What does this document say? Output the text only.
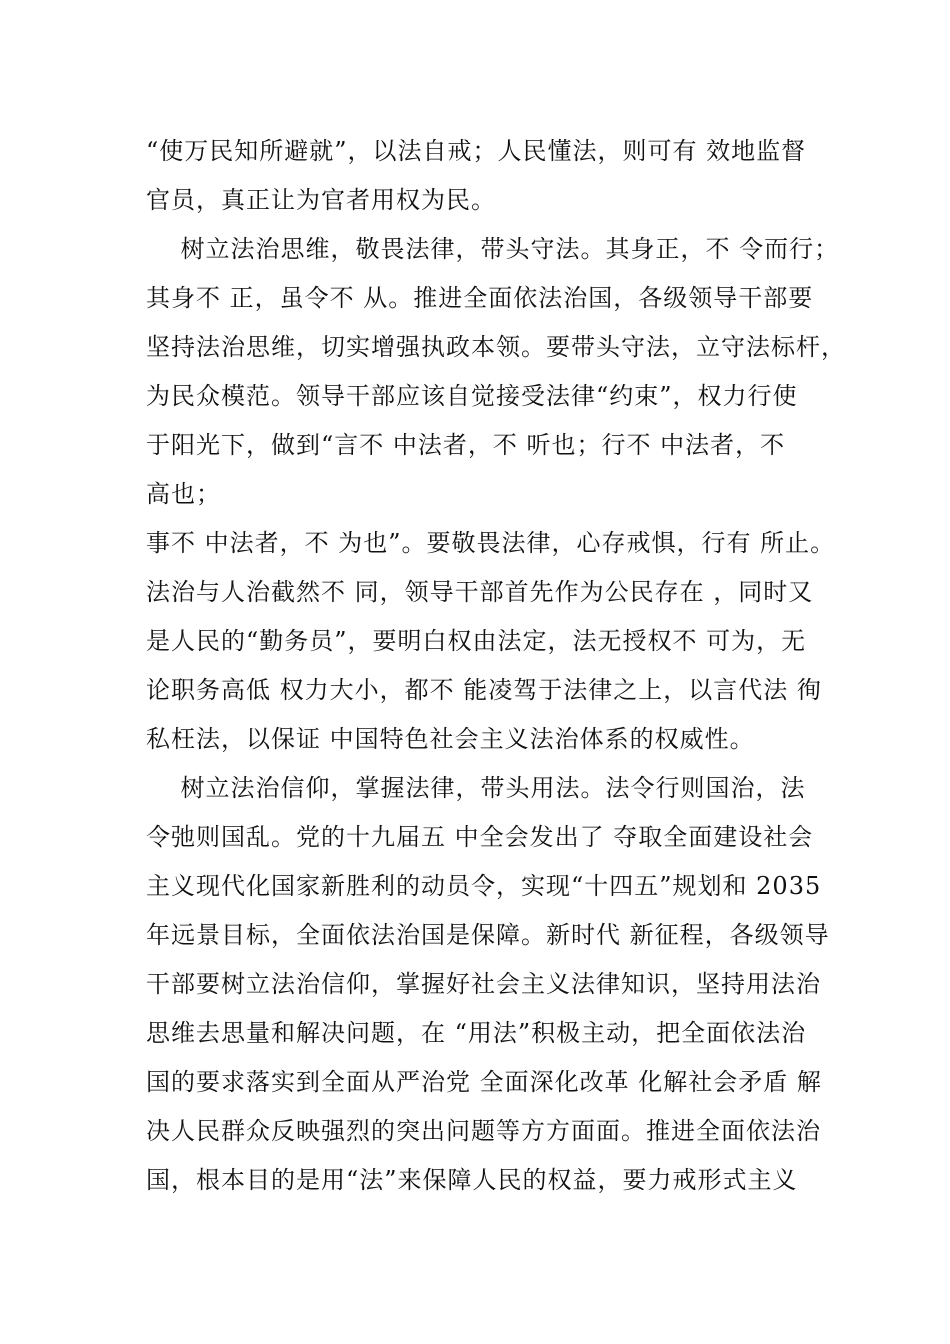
“使万民知所避就”，以法自戒；人民懂法，则可有 效地监督
官员，真正让为官者用权为民。
树立法治思维，敬畏法律，带头守法。其身正，不 令而行；
其身不 正，虽令不 从。推进全面依法治国，各级领导干部要
坚持法治思维，切实增强执政本领。要带头守法，立守法标杆，
为民众模范。领导干部应该自觉接受法律“约束”，权力行使
于阳光下，做到“言不 中法者，不 听也；行不 中法者，不
高也；
事不 中法者，不 为也”。要敬畏法律，心存戒惧，行有 所止。
法治与人治截然不 同，领导干部首先作为公民存在 ，同时又
是人民的“勤务员”，要明白权由法定，法无授权不 可为，无
论职务高低 权力大小，都不 能凌驾于法律之上，以言代法 徇
私枉法，以保证 中国特色社会主义法治体系的权威性。
树立法治信仰，掌握法律，带头用法。法令行则国治，法
令弛则国乱。党的十九届五 中全会发出了 夺取全面建设社会
主义现代化国家新胜利的动员令，实现“十四五”规划和 2035
年远景目标，全面依法治国是保障。新时代 新征程，各级领导
干部要树立法治信仰，掌握好社会主义法律知识，坚持用法治
思维去思量和解决问题，在 “用法”积极主动，把全面依法治
国的要求落实到全面从严治党 全面深化改革 化解社会矛盾 解
决人民群众反映强烈的突出问题等方方面面。推进全面依法治
国，根本目的是用“法”来保障人民的权益，要力戒形式主义
